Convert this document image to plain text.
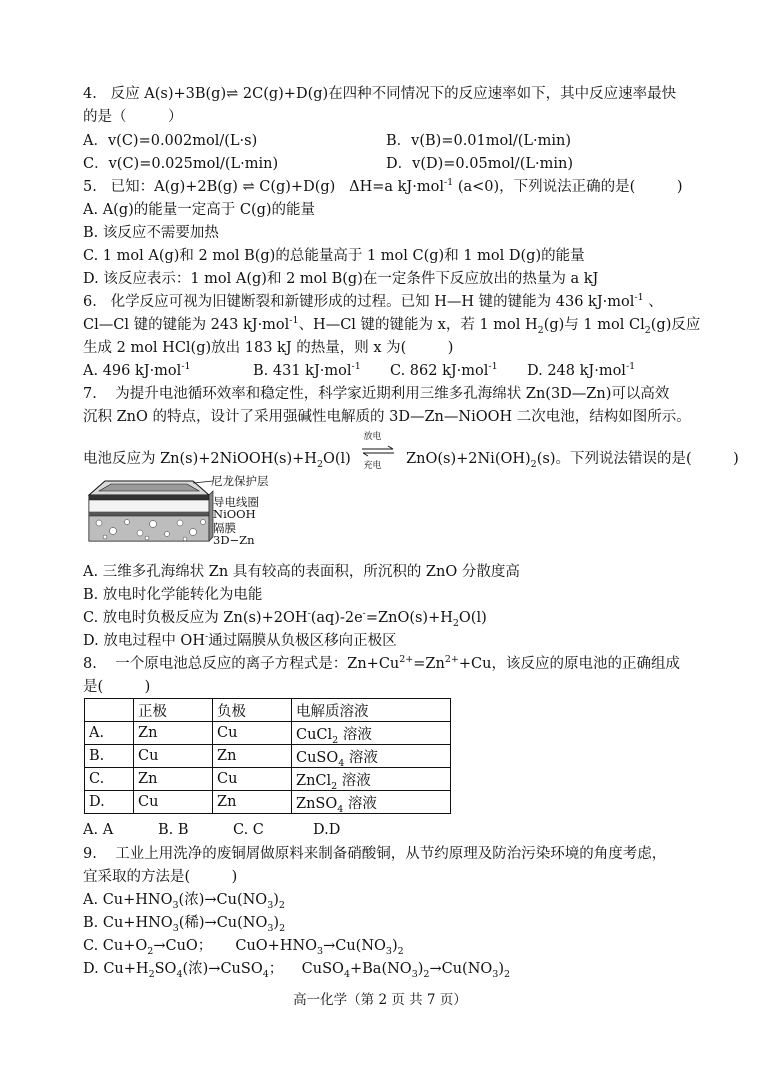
4.   反应 A(s)+3B(g)⇌ 2C(g)+D(g)在四种不同情况下的反应速率如下，其中反应速率最快
的是（         ）
A．v(C)=0.002mol/(L·s)	B．v(B)=0.01mol/(L·min)
C．v(C)=0.025mol/(L·min)	D．v(D)=0.05mol/(L·min)
5.   已知：A(g)+2B(g) ⇌ C(g)+D(g)   ΔH=a kJ·mol$^{-1}$ (a<0)，下列说法正确的是(         )
A. A(g)的能量一定高于 C(g)的能量
B. 该反应不需要加热
C. 1 mol A(g)和 2 mol B(g)的总能量高于 1 mol C(g)和 1 mol D(g)的能量
D. 该反应表示：1 mol A(g)和 2 mol B(g)在一定条件下反应放出的热量为 a kJ
6.   化学反应可视为旧键断裂和新键形成的过程。已知 H—H 键的键能为 436 kJ·mol$^{-1}$ 、
Cl—Cl 键的键能为 243 kJ·mol$^{-1}$、H—Cl 键的键能为 x，若 1 mol $H_2(g)$与 1 mol $Cl_2(g)$反应
生成 2 mol HCl(g)放出 183 kJ 的热量，则 x 为(         )
A. 496 kJ·mol$^{-1}$	B. 431 kJ·mol$^{-1}$ C. 862 kJ·mol$^{-1}$ D. 248 kJ·mol$^{-1}$
7.    为提升电池循环效率和稳定性，科学家近期利用三维多孔海绵状 Zn(3D—Zn)可以高效
沉积 ZnO 的特点，设计了采用强碱性电解质的 3D—Zn—NiOOH 二次电池，结构如图所示。
电池反应为 $Zn(s)+2NiOOH(s)+H_2O(l)$
放电
充电 $ZnO(s)+2Ni(OH)_2(s)$。下列说法错误的是(         )
尼龙保护层
导电线圈
NiOOH
隔膜
3D−Zn
A. 三维多孔海绵状 Zn 具有较高的表面积，所沉积的 ZnO 分散度高
B. 放电时化学能转化为电能
C. 放电时负极反应为 $Zn(s)+2OH^-(aq)-2e^-=ZnO(s)+H_2O(l)$
D. 放电过程中 OH-通过隔膜从负极区移向正极区
8.    一个原电池总反应的离子方程式是：$Zn+Cu^{2+}=Zn^{2+}+Cu$，该反应的原电池的正确组成
是(         )
	正极	负极	电解质溶液
A.	Zn	Cu	CuCl$_2$ 溶液
B.	Cu	Zn	CuSO$_4$ 溶液
C.	Zn	Cu	ZnCl$_2$ 溶液
D.	Cu	Zn	ZnSO$_4$ 溶液
A. A	B. B	C. C	D.D
9.    工业上用洗净的废铜屑做原料来制备硝酸铜，从节约原理及防治污染环境的角度考虑，
宜采取的方法是(         )
A. $Cu+HNO_3$(浓)$\to Cu(NO_3)_2$
B. $Cu+HNO_3$(稀)$\to Cu(NO_3)_2$
C. $Cu+O_2\to CuO$；     $CuO+HNO_3\to Cu(NO_3)_2$
D. $Cu+H_2SO_4$(浓)→CuSO$_4$；    $CuSO_4+Ba(NO_3)_2\to Cu(NO_3)_2$
高一化学（第 2 页 共 7 页）
